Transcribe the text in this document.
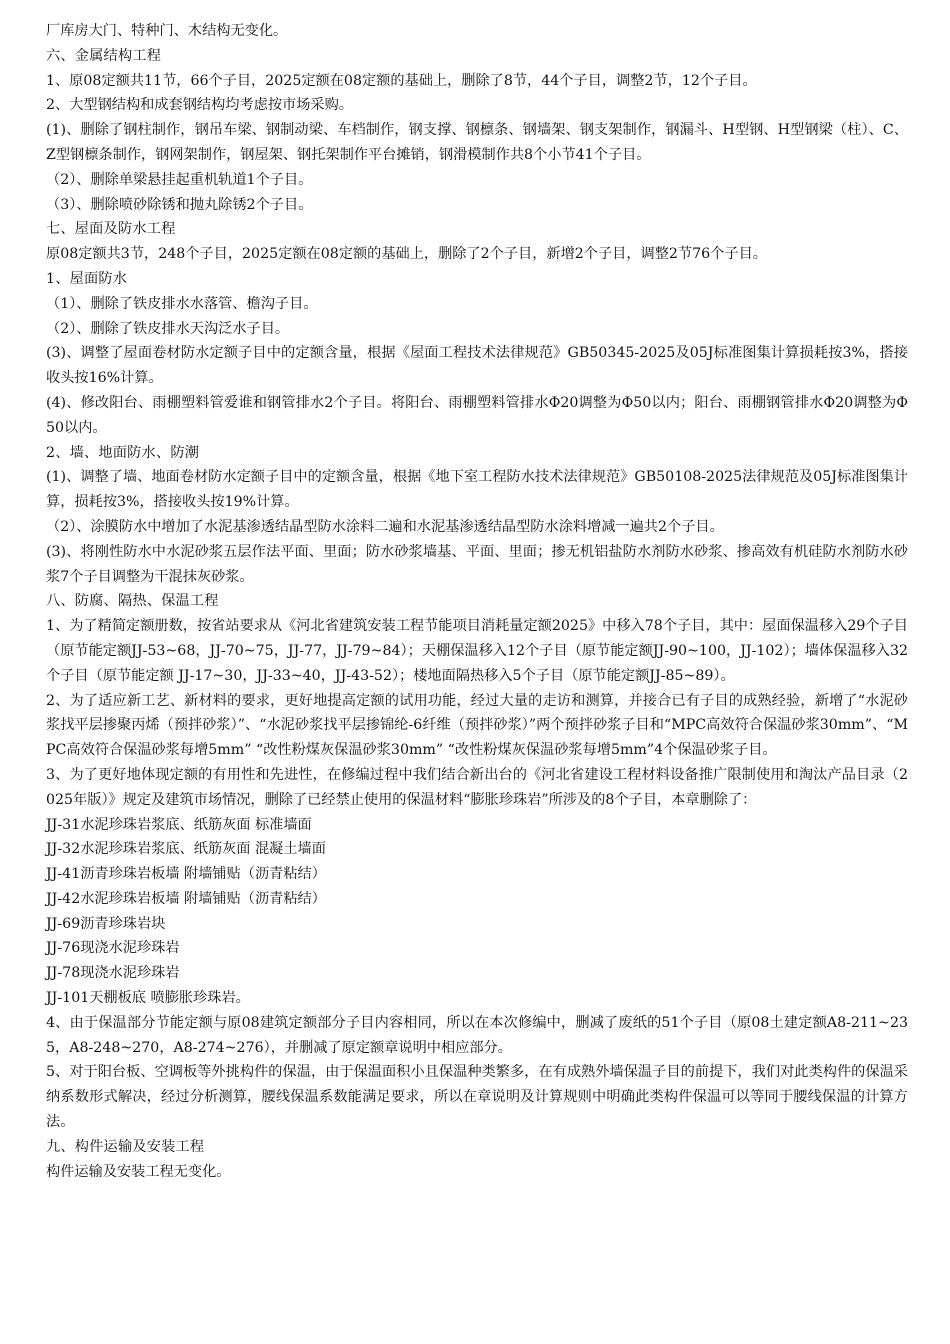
厂库房大门、特种门、木结构无变化。

六、金属结构工程

1、原08定额共11节，66个子目，2025定额在08定额的基础上，删除了8节，44个子目，调整2节，12个子目。

2、大型钢结构和成套钢结构均考虑按市场采购。

(1)、删除了钢柱制作，钢吊车梁、钢制动梁、车档制作，钢支撑、钢檩条、钢墙架、钢支架制作，钢漏斗、H型钢、H型钢梁（柱）、C、Z型钢檩条制作，钢网架制作，钢屋架、钢托架制作平台摊销，钢滑模制作共8个小节41个子目。

（2）、删除单梁悬挂起重机轨道1个子目。

（3）、删除喷砂除锈和抛丸除锈2个子目。

七、屋面及防水工程

原08定额共3节，248个子目，2025定额在08定额的基础上，删除了2个子目，新增2个子目，调整2节76个子目。

1、屋面防水

（1）、删除了铁皮排水水落管、檐沟子目。

（2）、删除了铁皮排水天沟泛水子目。

(3)、调整了屋面卷材防水定额子目中的定额含量，根据《屋面工程技术法律规范》GB50345-2025及05J标准图集计算损耗按3%，搭接收头按16%计算。

(4)、修改阳台、雨棚塑料管爱谁和钢管排水2个子目。将阳台、雨棚塑料管排水Φ20调整为Φ50以内；阳台、雨棚钢管排水Φ20调整为Φ50以内。

2、墙、地面防水、防潮

(1)、调整了墙、地面卷材防水定额子目中的定额含量，根据《地下室工程防水技术法律规范》GB50108-2025法律规范及05J标准图集计算，损耗按3%，搭接收头按19%计算。

（2）、涂膜防水中增加了水泥基渗透结晶型防水涂料二遍和水泥基渗透结晶型防水涂料增减一遍共2个子目。

(3)、将刚性防水中水泥砂浆五层作法平面、里面；防水砂浆墙基、平面、里面；掺无机铝盐防水剂防水砂浆、掺高效有机硅防水剂防水砂浆7个子目调整为干混抹灰砂浆。

八、防腐、隔热、保温工程

1、为了精简定额册数，按省站要求从《河北省建筑安装工程节能项目消耗量定额2025》中移入78个子目，其中：屋面保温移入29个子目（原节能定额JJ-53~68，JJ-70~75，JJ-77，JJ-79~84）；天棚保温移入12个子目（原节能定额JJ-90~100，JJ-102）；墙体保温移入32个子目（原节能定额 JJ-17~30，JJ-33~40，JJ-43-52）；楼地面隔热移入5个子目（原节能定额JJ-85~89）。

2、为了适应新工艺、新材料的要求，更好地提高定额的试用功能，经过大量的走访和测算，并接合已有子目的成熟经验，新增了“水泥砂浆找平层掺聚丙烯（预拌砂浆）”、“水泥砂浆找平层掺锦纶-6纤维（预拌砂浆）”两个预拌砂浆子目和“MPC高效符合保温砂浆30mm”、“MPC高效符合保温砂浆每增5mm” “改性粉煤灰保温砂浆30mm” “改性粉煤灰保温砂浆每增5mm”4个保温砂浆子目。

3、为了更好地体现定额的有用性和先进性，在修编过程中我们结合新出台的《河北省建设工程材料设备推广限制使用和淘汰产品目录（2025年版）》规定及建筑市场情况，删除了已经禁止使用的保温材料“膨胀珍珠岩”所涉及的8个子目，本章删除了：

JJ-31水泥珍珠岩浆底、纸筋灰面 标准墙面

JJ-32水泥珍珠岩浆底、纸筋灰面 混凝土墙面

JJ-41沥青珍珠岩板墙 附墙铺贴（沥青粘结）

JJ-42水泥珍珠岩板墙 附墙铺贴（沥青粘结）

JJ-69沥青珍珠岩块

JJ-76现浇水泥珍珠岩

JJ-78现浇水泥珍珠岩

JJ-101天棚板底 喷膨胀珍珠岩。

4、由于保温部分节能定额与原08建筑定额部分子目内容相同，所以在本次修编中，删减了废纸的51个子目（原08土建定额A8-211~235，A8-248~270，A8-274~276），并删减了原定额章说明中相应部分。

5、对于阳台板、空调板等外挑构件的保温，由于保温面积小且保温种类繁多，在有成熟外墙保温子目的前提下，我们对此类构件的保温采纳系数形式解决，经过分析测算，腰线保温系数能满足要求，所以在章说明及计算规则中明确此类构件保温可以等同于腰线保温的计算方法。

九、构件运输及安装工程

构件运输及安装工程无变化。
